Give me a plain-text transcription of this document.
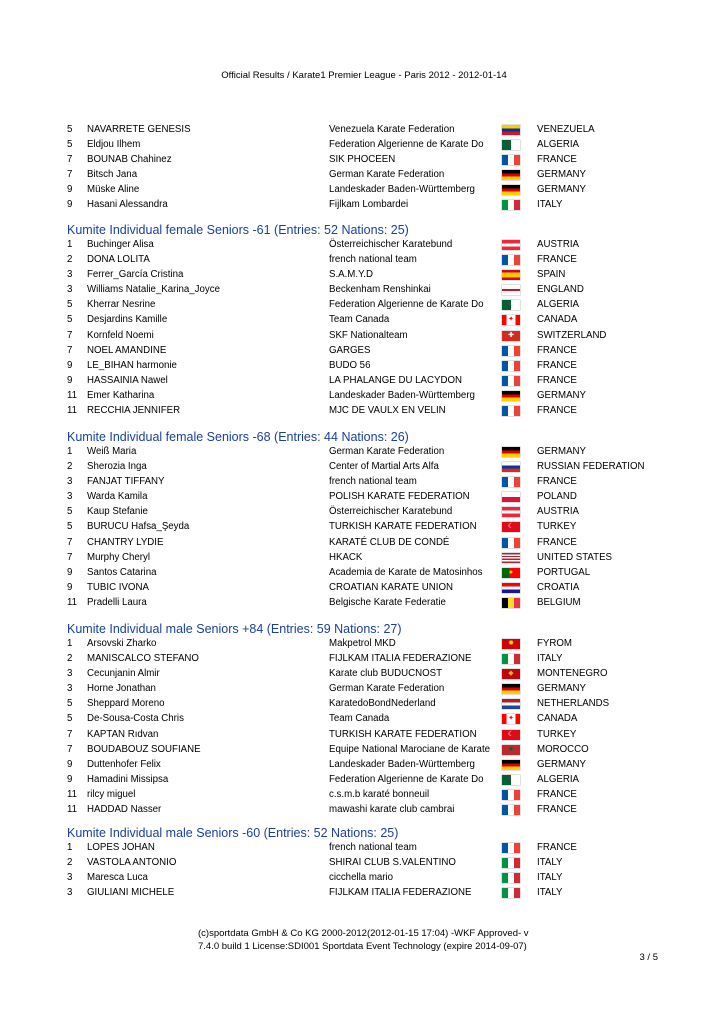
Official Results / Karate1 Premier League - Paris 2012 - 2012-01-14
5 NAVARRETE GENESIS	Venezuela Karate Federation	VENEZUELA
5 Eldjou Ilhem	Federation Algerienne de Karate Do	☾	ALGERIA
7 BOUNAB Chahinez	SIK PHOCEEN	FRANCE
7 Bitsch Jana	German Karate Federation	GERMANY
9 Müske Aline	Landeskader Baden-Württemberg	GERMANY
9 Hasani Alessandra	Fijlkam Lombardei	ITALY
Kumite Individual female Seniors -61 (Entries: 52 Nations: 25)
1 Buchinger Alisa	Österreichischer Karatebund	AUSTRIA
2 DONA LOLITA	french national team	FRANCE
3 Ferrer_García Cristina	S.A.M.Y.D	SPAIN
3 Williams Natalie_Karina_Joyce	Beckenham Renshinkai	ENGLAND
5 Kherrar Nesrine	Federation Algerienne de Karate Do	☾	ALGERIA
5 Desjardins Kamille	Team Canada	✦	CANADA
7 Kornfeld Noemi	SKF Nationalteam	✚	SWITZERLAND
7 NOEL AMANDINE	GARGES	FRANCE
9 LE_BIHAN harmonie	BUDO 56	FRANCE
9 HASSAINIA Nawel	LA PHALANGE DU LACYDON	FRANCE
11 Emer Katharina	Landeskader Baden-Württemberg	GERMANY
11 RECCHIA JENNIFER	MJC DE VAULX EN VELIN	FRANCE
Kumite Individual female Seniors -68 (Entries: 44 Nations: 26)
1 Weiß Maria	German Karate Federation	GERMANY
2 Sherozia Inga	Center of Martial Arts Alfa	RUSSIAN FEDERATION
3 FANJAT TIFFANY	french national team	FRANCE
3 Warda Kamila	POLISH KARATE FEDERATION	POLAND
5 Kaup Stefanie	Österreichischer Karatebund	AUSTRIA
5 BURUCU Hafsa_Şeyda	TURKISH KARATE FEDERATION	☾	TURKEY
7 CHANTRY LYDIE	KARATÉ CLUB DE CONDÉ	FRANCE
7 Murphy Cheryl	HKACK	UNITED STATES
9 Santos Catarina	Academia de Karate de Matosinhos	●	PORTUGAL
9 TUBIC IVONA	CROATIAN KARATE UNION	CROATIA
11 Pradelli Laura	Belgische Karate Federatie	BELGIUM
Kumite Individual male Seniors +84 (Entries: 59 Nations: 27)
1 Arsovski Zharko	Makpetrol MKD	✹	FYROM
2 MANISCALCO STEFANO	FIJLKAM ITALIA FEDERAZIONE	ITALY
3 Cecunjanin Almir	Karate club BUDUCNOST	◆	MONTENEGRO
3 Horne Jonathan	German Karate Federation	GERMANY
5 Sheppard Moreno	KaratedoBondNederland	NETHERLANDS
5 De-Sousa-Costa Chris	Team Canada	✦	CANADA
7 KAPTAN Rıdvan	TURKISH KARATE FEDERATION	☾	TURKEY
7 BOUDABOUZ SOUFIANE	Equipe National Marociane de Karate	★	MOROCCO
9 Duttenhofer Felix	Landeskader Baden-Württemberg	GERMANY
9 Hamadini Missipsa	Federation Algerienne de Karate Do	☾	ALGERIA
11 rilcy miguel	c.s.m.b karaté bonneuil	FRANCE
11 HADDAD Nasser	mawashi karate club cambrai	FRANCE
Kumite Individual male Seniors -60 (Entries: 52 Nations: 25)
1 LOPES JOHAN	french national team	FRANCE
2 VASTOLA ANTONIO	SHIRAI CLUB S.VALENTINO	ITALY
3 Maresca Luca	cicchella mario	ITALY
3 GIULIANI MICHELE	FIJLKAM ITALIA FEDERAZIONE	ITALY
(c)sportdata GmbH & Co KG 2000-2012(2012-01-15 17:04) -WKF Approved- v
7.4.0 build 1 License:SDI001 Sportdata Event Technology (expire 2014-09-07)
3 / 5
